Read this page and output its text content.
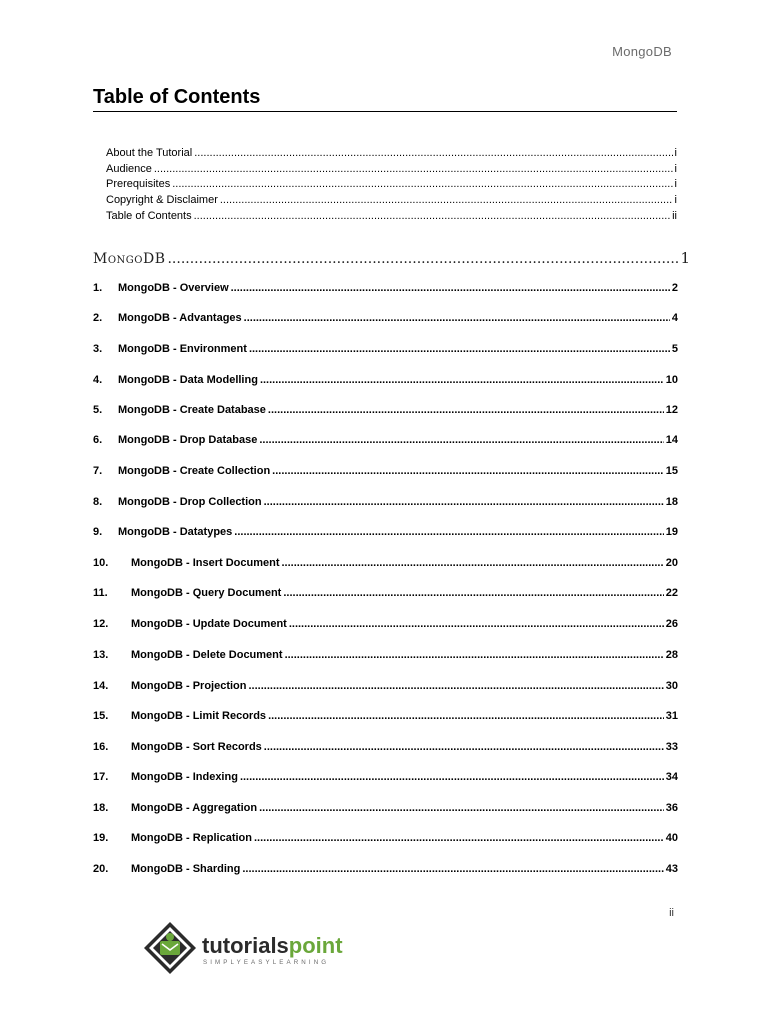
MongoDB
Table of Contents
About the Tutorial .....	i
Audience .....	i
Prerequisites .....	i
Copyright & Disclaimer .....	i
Table of Contents .....	ii
MongoDB .....	1
1.	MongoDB - Overview .....	2
2.	MongoDB - Advantages .....	4
3.	MongoDB - Environment .....	5
4.	MongoDB - Data Modelling .....	10
5.	MongoDB - Create Database .....	12
6.	MongoDB - Drop Database .....	14
7.	MongoDB - Create Collection .....	15
8.	MongoDB - Drop Collection .....	18
9.	MongoDB - Datatypes .....	19
10.	MongoDB - Insert Document .....	20
11.	MongoDB - Query Document .....	22
12.	MongoDB - Update Document .....	26
13.	MongoDB - Delete Document .....	28
14.	MongoDB - Projection .....	30
15.	MongoDB - Limit Records .....	31
16.	MongoDB - Sort Records .....	33
17.	MongoDB - Indexing .....	34
18.	MongoDB - Aggregation .....	36
19.	MongoDB - Replication .....	40
20.	MongoDB - Sharding .....	43
ii
tutorialspoint
SIMPLYEASYLEARNING
